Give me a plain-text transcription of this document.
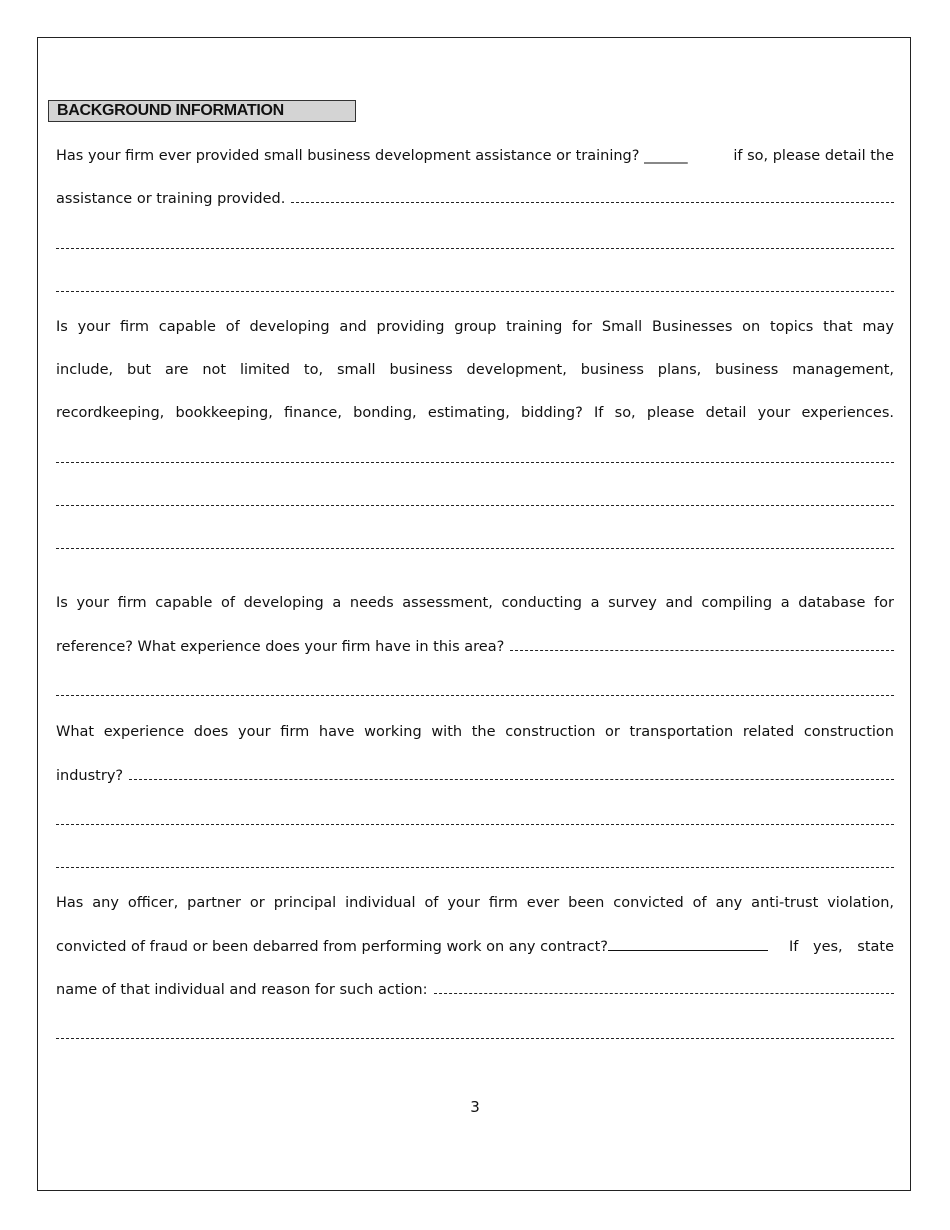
BACKGROUND INFORMATION
Has your firm ever provided small business development assistance or training? ______	if so, please detail the
assistance or training provided.
Is your firm capable of developing and providing group training for Small Businesses on topics that may
include, but are not limited to, small business development, business plans, business management,
recordkeeping, bookkeeping, finance, bonding, estimating, bidding? If so, please detail your experiences.
Is your firm capable of developing a needs assessment, conducting a survey and compiling a database for
reference? What experience does your firm have in this area?
What experience does your firm have working with the construction or transportation related construction
industry?
Has any officer, partner or principal individual of your firm ever been convicted of any anti-trust violation,
convicted of fraud or been debarred from performing work on any contract?	If yes, state
name of that individual and reason for such action:
3
